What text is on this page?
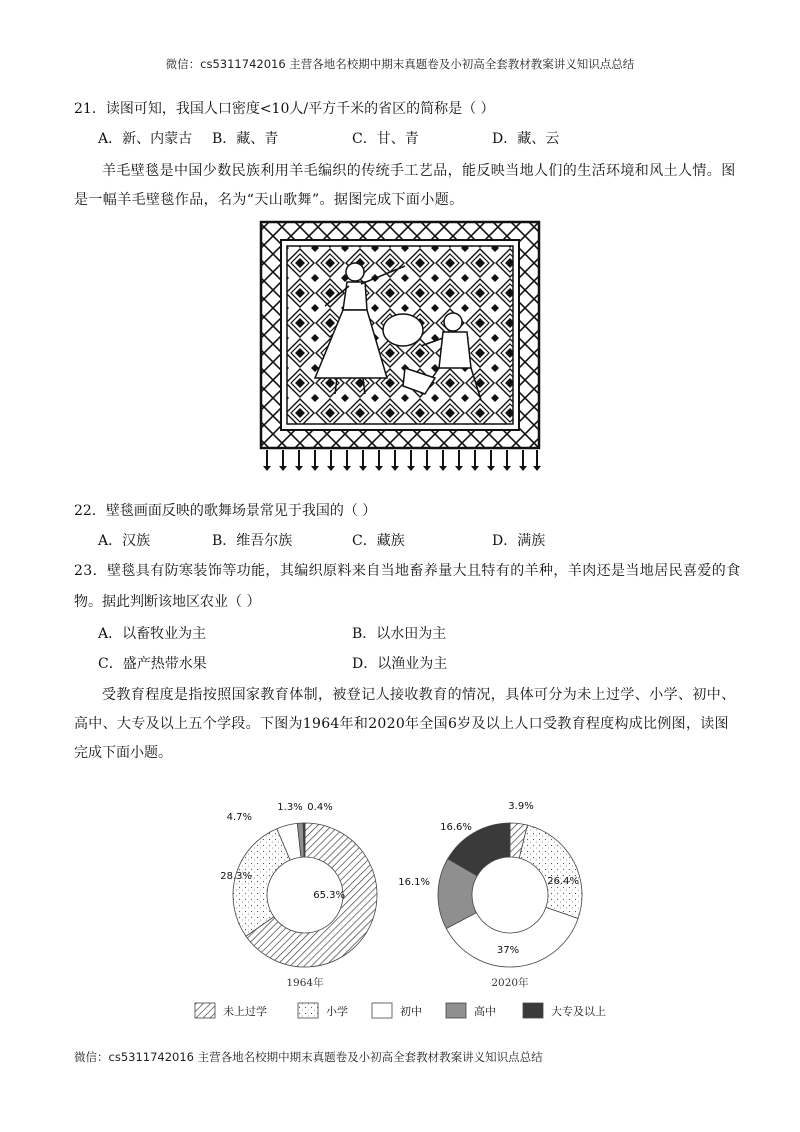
微信：cs5311742016 主营各地名校期中期末真题卷及小初高全套教材教案讲义知识点总结
21．读图可知，我国人口密度<10人/平方千米的省区的简称是（ ）
A．新、内蒙古 B．藏、青	C．甘、青	D．藏、云
羊毛壁毯是中国少数民族利用羊毛编织的传统手工艺品，能反映当地人们的生活环境和风土人情。图
是一幅羊毛壁毯作品，名为“天山歌舞”。据图完成下面小题。
22．壁毯画面反映的歌舞场景常见于我国的（ ）
A．汉族	B．维吾尔族	C．藏族	D．满族
23．壁毯具有防寒装饰等功能，其编织原料来自当地畜养量大且特有的羊种，羊肉还是当地居民喜爱的食
物。据此判断该地区农业（ ）
A．以畜牧业为主	B．以水田为主
C．盛产热带水果	D．以渔业为主
受教育程度是指按照国家教育体制，被登记人接收教育的情况，具体可分为未上过学、小学、初中、
高中、大专及以上五个学段。下图为1964年和2020年全国6岁及以上人口受教育程度构成比例图，读图
完成下面小题。
65.3%
28.3%
4.7%
1.3% 0.4%
1964年
3.9%
26.4%
37%
16.1%
16.6%
2020年
未上过学	小学	初中	高中	大专及以上
微信：cs5311742016 主营各地名校期中期末真题卷及小初高全套教材教案讲义知识点总结
